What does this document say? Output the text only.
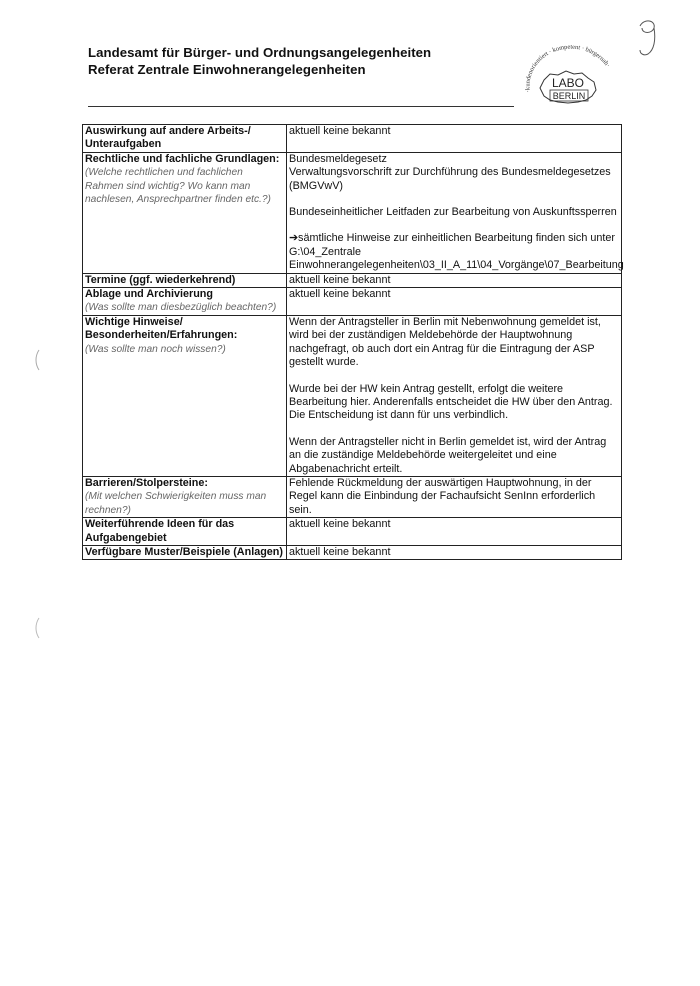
Landesamt für Bürger- und Ordnungsangelegenheiten
Referat Zentrale Einwohnerangelegenheiten
·kundenorientiert · kompetent · bürgernah·
LABO
BERLIN
9
Auswirkung auf andere Arbeits-/ Unteraufgaben	aktuell keine bekannt

Rechtliche und fachliche Grundlagen:
(Welche rechtlichen und fachlichen Rahmen sind wichtig? Wo kann man nachlesen, Ansprechpartner finden etc.?)	Bundesmeldegesetz
Verwaltungsvorschrift zur Durchführung des Bundesmeldegesetzes (BMGVwV)
Bundeseinheitlicher Leitfaden zur Bearbeitung von Auskunftssperren
➔sämtliche Hinweise zur einheitlichen Bearbeitung finden sich unter G:\04_Zentrale Einwohnerangelegenheiten\03_II_A_11\04_Vorgänge\07_Bearbeitung

Termine (ggf. wiederkehrend)	aktuell keine bekannt

Ablage und Archivierung
(Was sollte man diesbezüglich beachten?)	aktuell keine bekannt

Wichtige Hinweise/ Besonderheiten/Erfahrungen:
(Was sollte man noch wissen?)	Wenn der Antragsteller in Berlin mit Nebenwohnung gemeldet ist, wird bei der zuständigen Meldebehörde der Hauptwohnung nachgefragt, ob auch dort ein Antrag für die Eintragung der ASP gestellt wurde.
Wurde bei der HW kein Antrag gestellt, erfolgt die weitere Bearbeitung hier. Anderenfalls entscheidet die HW über den Antrag. Die Entscheidung ist dann für uns verbindlich.
Wenn der Antragsteller nicht in Berlin gemeldet ist, wird der Antrag an die zuständige Meldebehörde weitergeleitet und eine Abgabenachricht erteilt.

Barrieren/Stolpersteine:
(Mit welchen Schwierigkeiten muss man rechnen?)	Fehlende Rückmeldung der auswärtigen Hauptwohnung, in der Regel kann die Einbindung der Fachaufsicht SenInn erforderlich sein.

Weiterführende Ideen für das Aufgabengebiet	aktuell keine bekannt

Verfügbare Muster/Beispiele (Anlagen)	aktuell keine bekannt
